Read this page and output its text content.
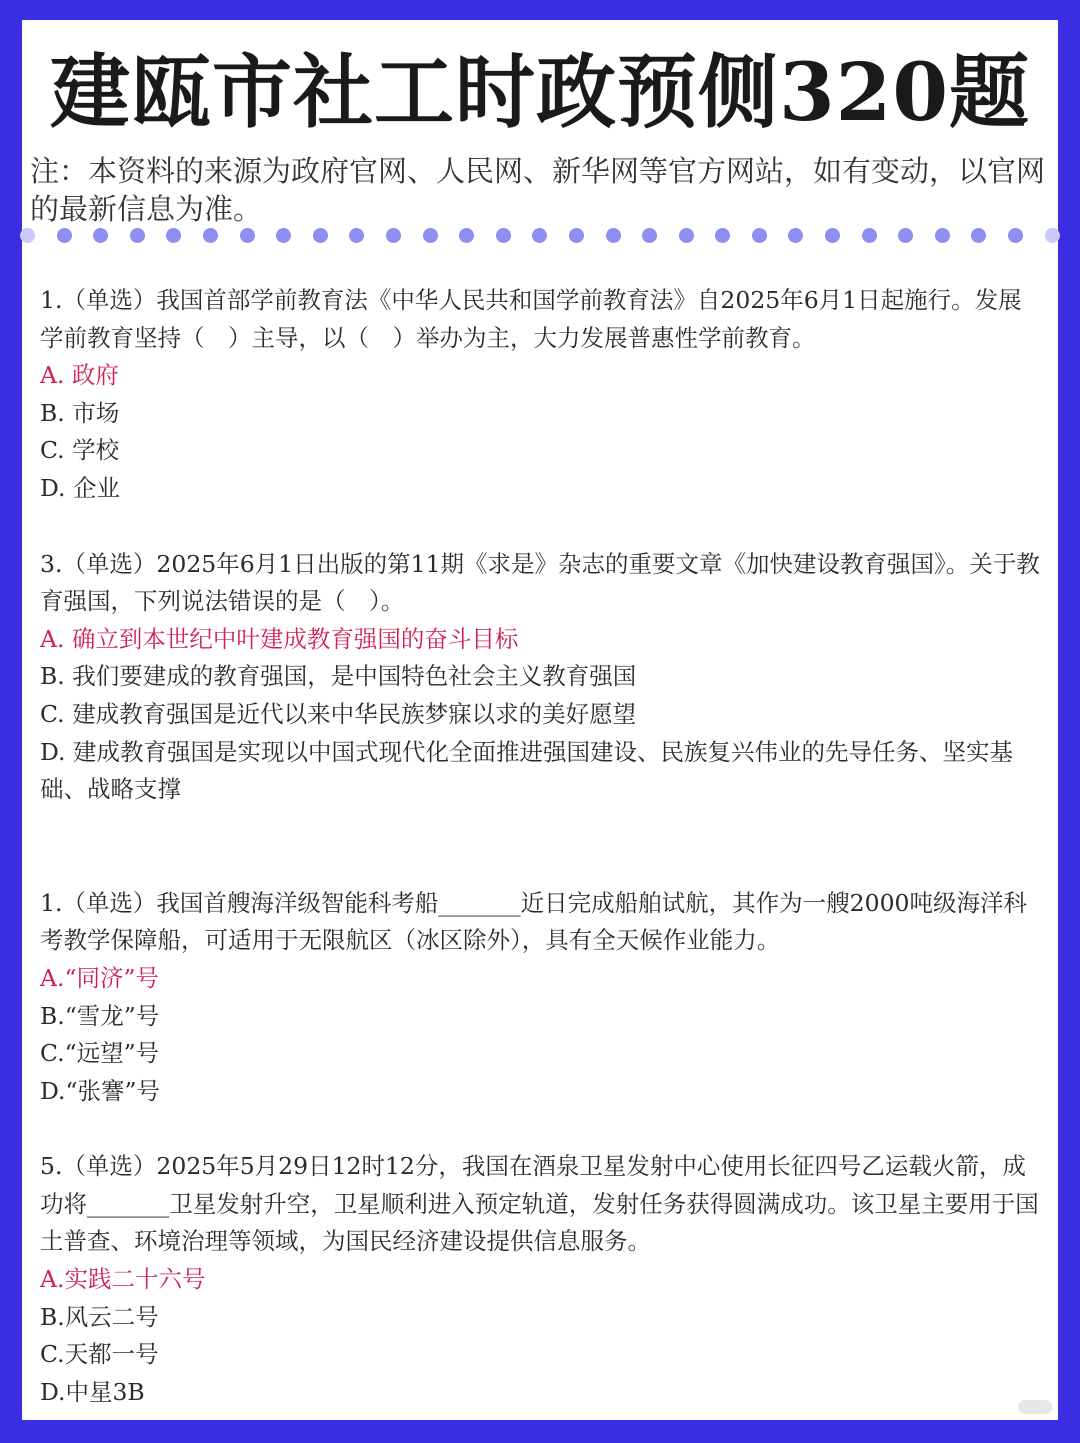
建瓯市社工时政预侧320题
注：本资料的来源为政府官网、人民网、新华网等官方网站，如有变动，以官网的最新信息为准。

1.（单选）我国首部学前教育法《中华人民共和国学前教育法》自2025年6月1日起施行。发展学前教育坚持（　）主导，以（　）举办为主，大力发展普惠性学前教育。

A. 政府

B. 市场

C. 学校

D. 企业

3.（单选）2025年6月1日出版的第11期《求是》杂志的重要文章《加快建设教育强国》。关于教育强国，下列说法错误的是（　）。

A. 确立到本世纪中叶建成教育强国的奋斗目标

B. 我们要建成的教育强国，是中国特色社会主义教育强国

C. 建成教育强国是近代以来中华民族梦寐以求的美好愿望

D. 建成教育强国是实现以中国式现代化全面推进强国建设、民族复兴伟业的先导任务、坚实基础、战略支撑

1.（单选）我国首艘海洋级智能科考船_______近日完成船舶试航，其作为一艘2000吨级海洋科考教学保障船，可适用于无限航区（冰区除外），具有全天候作业能力。

A.“同济”号

B.“雪龙”号

C.“远望”号

D.“张謇”号

5.（单选）2025年5月29日12时12分，我国在酒泉卫星发射中心使用长征四号乙运载火箭，成功将_______卫星发射升空，卫星顺利进入预定轨道，发射任务获得圆满成功。该卫星主要用于国土普查、环境治理等领域，为国民经济建设提供信息服务。

A.实践二十六号

B.风云二号

C.天都一号

D.中星3B
